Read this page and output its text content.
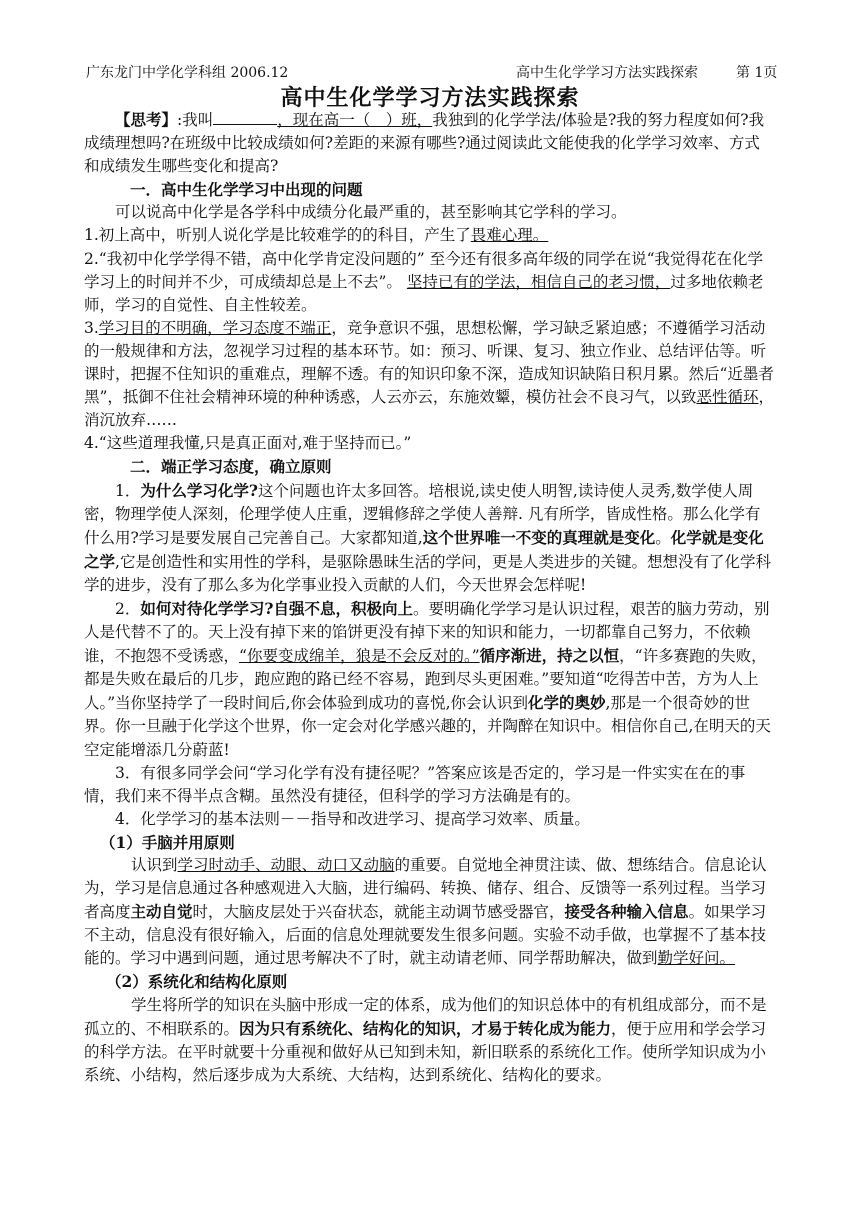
广东龙门中学化学科组 2006.12	高中生化学学习方法实践探索	第 1页
高中生化学学习方法实践探索

【思考】:我叫	，现在高一（　）班，我独到的化学学法/体验是?我的努力程度如何?我成绩理想吗?在班级中比较成绩如何?差距的来源有哪些?通过阅读此文能使我的化学学习效率、方式和成绩发生哪些变化和提高?

一．高中生化学学习中出现的问题

可以说高中化学是各学科中成绩分化最严重的，甚至影响其它学科的学习。

1.初上高中，听别人说化学是比较难学的的科目，产生了畏难心理。

2.“我初中化学学得不错，高中化学肯定没问题的” 至今还有很多高年级的同学在说“我觉得花在化学学习上的时间并不少，可成绩却总是上不去”。 坚持已有的学法，相信自己的老习惯，过多地依赖老师，学习的自觉性、自主性较差。

3.学习目的不明确，学习态度不端正，竞争意识不强，思想松懈，学习缺乏紧迫感；不遵循学习活动的一般规律和方法，忽视学习过程的基本环节。如：预习、听课、复习、独立作业、总结评估等。听课时，把握不住知识的重难点，理解不透。有的知识印象不深，造成知识缺陷日积月累。然后“近墨者黑”，抵御不住社会精神环境的种种诱惑，人云亦云，东施效颦，模仿社会不良习气，以致恶性循环，消沉放弃……

4.“这些道理我懂,只是真正面对,难于坚持而已。”

二．端正学习态度，确立原则

1．为什么学习化学?这个问题也许太多回答。培根说,读史使人明智,读诗使人灵秀,数学使人周密，物理学使人深刻，伦理学使人庄重，逻辑修辞之学使人善辩. 凡有所学，皆成性格。那么化学有什么用?学习是要发展自己完善自己。大家都知道,这个世界唯一不变的真理就是变化。化学就是变化之学,它是创造性和实用性的学科，是驱除愚昧生活的学问，更是人类进步的关键。想想没有了化学科学的进步，没有了那么多为化学事业投入贡献的人们，今天世界会怎样呢!

2．如何对待化学学习?自强不息，积极向上。要明确化学学习是认识过程，艰苦的脑力劳动，别人是代替不了的。天上没有掉下来的馅饼更没有掉下来的知识和能力，一切都靠自己努力，不依赖谁，不抱怨不受诱惑，“你要变成绵羊，狼是不会反对的。”循序渐进，持之以恒，“许多赛跑的失败，都是失败在最后的几步，跑应跑的路已经不容易，跑到尽头更困难。”要知道“吃得苦中苦，方为人上人。”当你坚持学了一段时间后,你会体验到成功的喜悦,你会认识到化学的奥妙,那是一个很奇妙的世界。你一旦融于化学这个世界，你一定会对化学感兴趣的，并陶醉在知识中。相信你自己,在明天的天空定能增添几分蔚蓝!

3．有很多同学会问“学习化学有没有捷径呢？”答案应该是否定的，学习是一件实实在在的事情，我们来不得半点含糊。虽然没有捷径，但科学的学习方法确是有的。

4．化学学习的基本法则－－指导和改进学习、提高学习效率、质量。

（1）手脑并用原则

认识到学习时动手、动眼、动口又动脑的重要。自觉地全神贯注读、做、想练结合。信息论认为，学习是信息通过各种感观进入大脑，进行编码、转换、储存、组合、反馈等一系列过程。当学习者高度主动自觉时，大脑皮层处于兴奋状态，就能主动调节感受器官，接受各种输入信息。如果学习不主动，信息没有很好输入，后面的信息处理就要发生很多问题。实验不动手做，也掌握不了基本技能的。学习中遇到问题，通过思考解决不了时，就主动请老师、同学帮助解决，做到勤学好问。

（2）系统化和结构化原则

学生将所学的知识在头脑中形成一定的体系，成为他们的知识总体中的有机组成部分，而不是孤立的、不相联系的。因为只有系统化、结构化的知识，才易于转化成为能力，便于应用和学会学习的科学方法。在平时就要十分重视和做好从已知到未知，新旧联系的系统化工作。使所学知识成为小系统、小结构，然后逐步成为大系统、大结构，达到系统化、结构化的要求。
